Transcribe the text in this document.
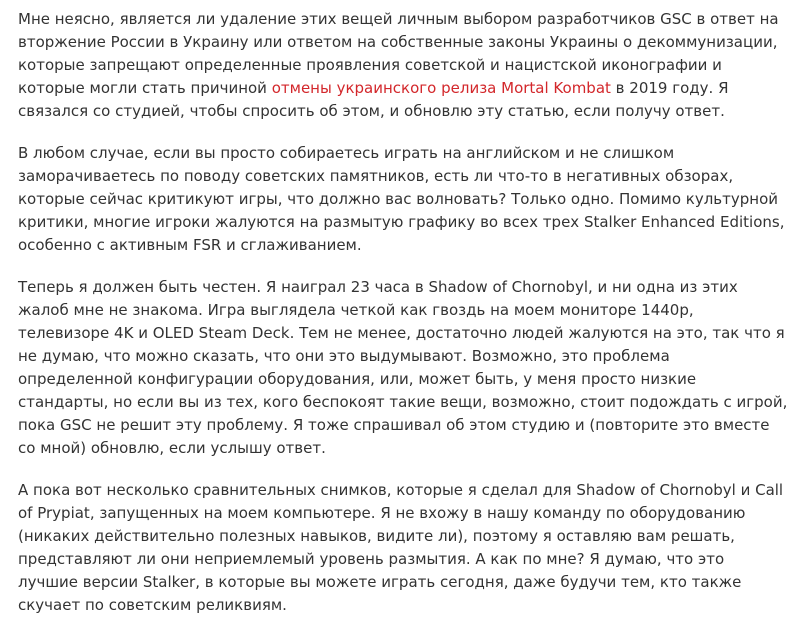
Мне неясно, является ли удаление этих вещей личным выбором разработчиков GSC в ответ на вторжение России в Украину или ответом на собственные законы Украины о декоммунизации, которые запрещают определенные проявления советской и нацистской иконографии и которые могли стать причиной отмены украинского релиза Mortal Kombat в 2019 году. Я связался со студией, чтобы спросить об этом, и обновлю эту статью, если получу ответ.

В любом случае, если вы просто собираетесь играть на английском и не слишком заморачиваетесь по поводу советских памятников, есть ли что-то в негативных обзорах, которые сейчас критикуют игры, что должно вас волновать? Только одно. Помимо культурной критики, многие игроки жалуются на размытую графику во всех трех Stalker Enhanced Editions, особенно с активным FSR и сглаживанием.

Теперь я должен быть честен. Я наиграл 23 часа в Shadow of Chornobyl, и ни одна из этих жалоб мне не знакома. Игра выглядела четкой как гвоздь на моем мониторе 1440p, телевизоре 4K и OLED Steam Deck. Тем не менее, достаточно людей жалуются на это, так что я не думаю, что можно сказать, что они это выдумывают. Возможно, это проблема определенной конфигурации оборудования, или, может быть, у меня просто низкие стандарты, но если вы из тех, кого беспокоят такие вещи, возможно, стоит подождать с игрой, пока GSC не решит эту проблему. Я тоже спрашивал об этом студию и (повторите это вместе со мной) обновлю, если услышу ответ.

А пока вот несколько сравнительных снимков, которые я сделал для Shadow of Chornobyl и Call of Prypiat, запущенных на моем компьютере. Я не вхожу в нашу команду по оборудованию (никаких действительно полезных навыков, видите ли), поэтому я оставляю вам решать, представляют ли они неприемлемый уровень размытия. А как по мне? Я думаю, что это лучшие версии Stalker, в которые вы можете играть сегодня, даже будучи тем, кто также скучает по советским реликвиям.
